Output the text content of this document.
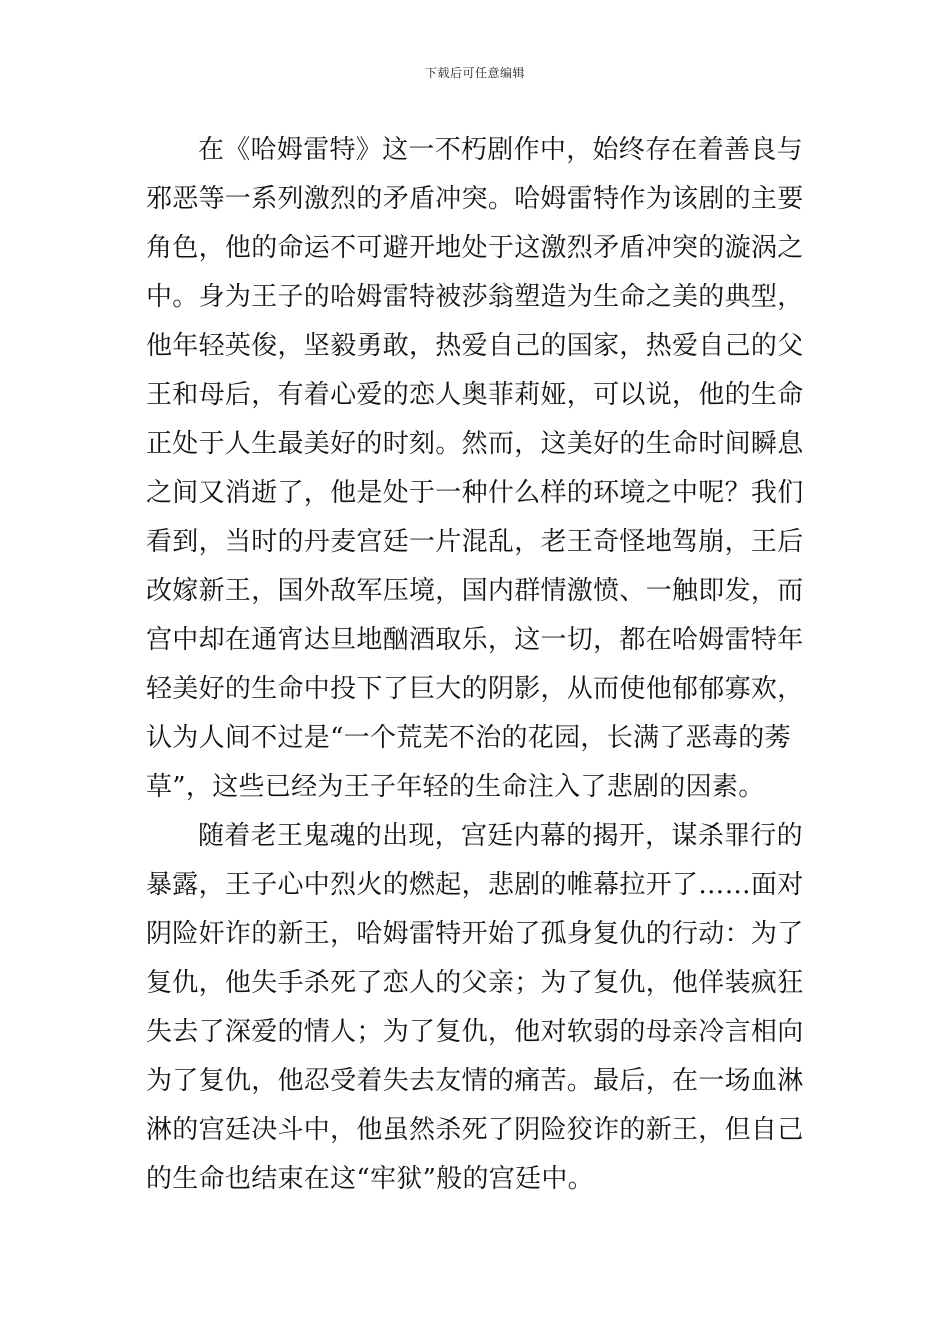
下载后可任意编辑
在《哈姆雷特》这一不朽剧作中，始终存在着善良与
邪恶等一系列激烈的矛盾冲突。哈姆雷特作为该剧的主要
角色，他的命运不可避开地处于这激烈矛盾冲突的漩涡之
中。身为王子的哈姆雷特被莎翁塑造为生命之美的典型，
他年轻英俊，坚毅勇敢，热爱自己的国家，热爱自己的父
王和母后，有着心爱的恋人奥菲莉娅，可以说，他的生命
正处于人生最美好的时刻。然而，这美好的生命时间瞬息
之间又消逝了，他是处于一种什么样的环境之中呢？我们
看到，当时的丹麦宫廷一片混乱，老王奇怪地驾崩，王后
改嫁新王，国外敌军压境，国内群情激愤、一触即发，而
宫中却在通宵达旦地酗酒取乐，这一切，都在哈姆雷特年
轻美好的生命中投下了巨大的阴影，从而使他郁郁寡欢，
认为人间不过是“一个荒芜不治的花园，长满了恶毒的莠
草”，这些已经为王子年轻的生命注入了悲剧的因素。
随着老王鬼魂的出现，宫廷内幕的揭开，谋杀罪行的
暴露，王子心中烈火的燃起，悲剧的帷幕拉开了……面对
阴险奸诈的新王，哈姆雷特开始了孤身复仇的行动：为了
复仇，他失手杀死了恋人的父亲；为了复仇，他佯装疯狂
失去了深爱的情人；为了复仇，他对软弱的母亲冷言相向
为了复仇，他忍受着失去友情的痛苦。最后，在一场血淋
淋的宫廷决斗中，他虽然杀死了阴险狡诈的新王，但自己
的生命也结束在这“牢狱”般的宫廷中。
